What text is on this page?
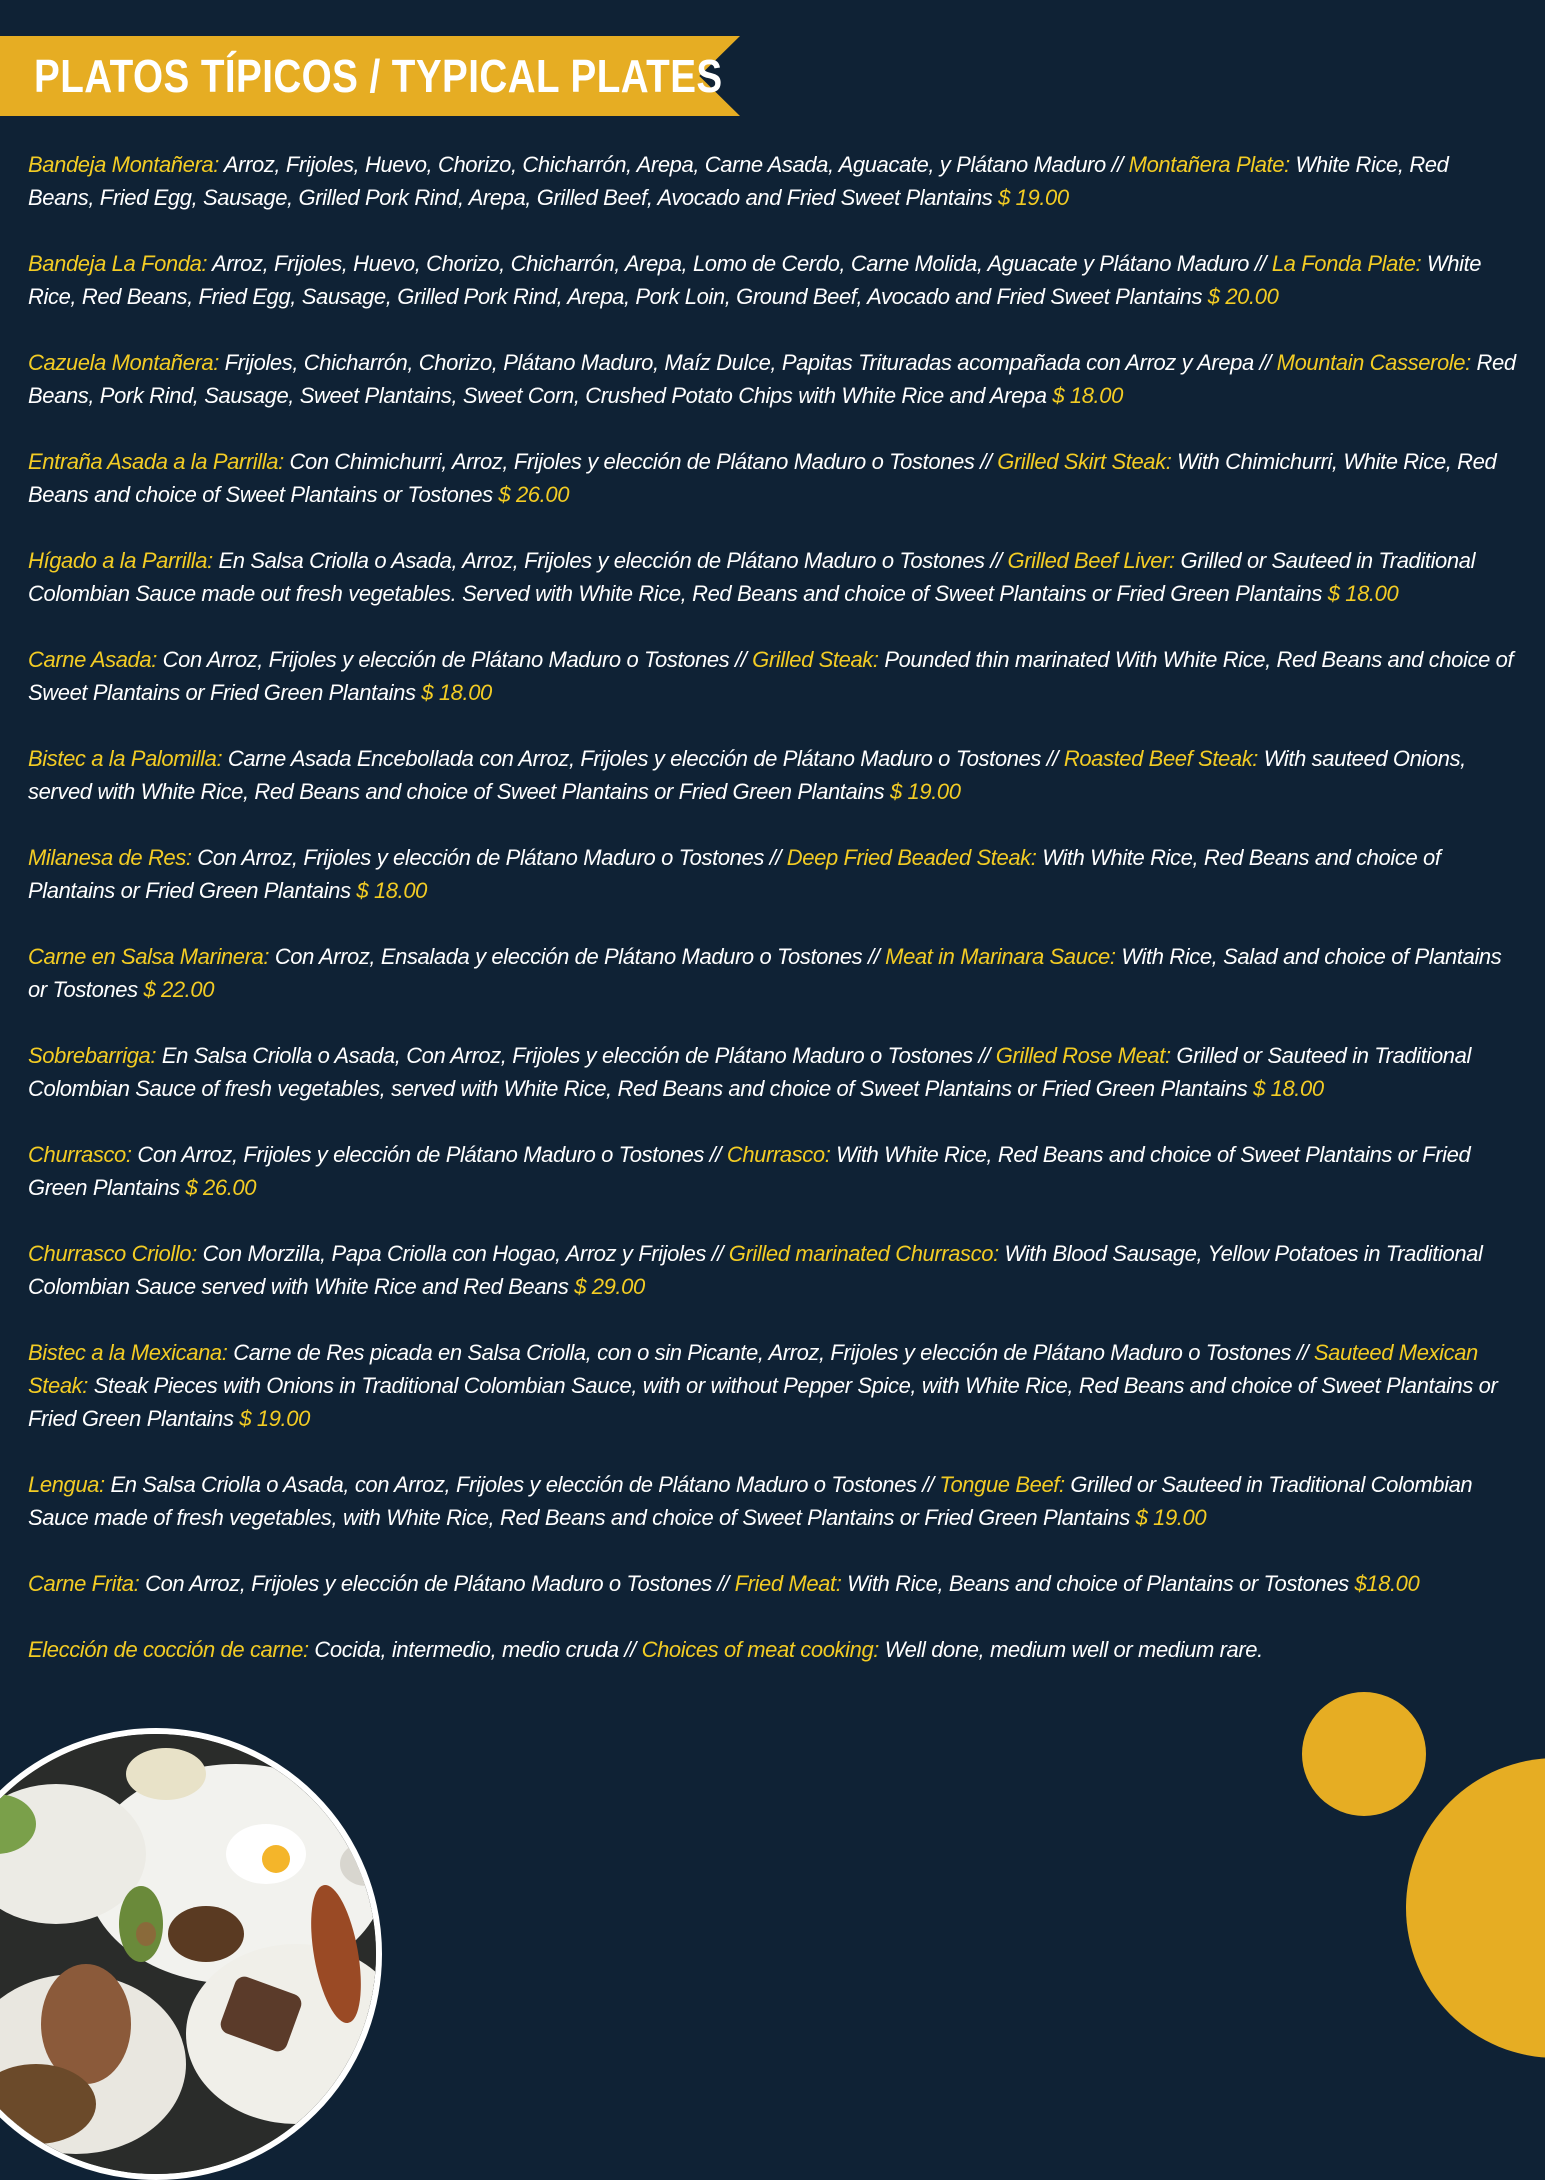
PLATOS TÍPICOS / TYPICAL PLATES

Bandeja Montañera: Arroz, Frijoles, Huevo, Chorizo, Chicharrón, Arepa, Carne Asada, Aguacate, y Plátano Maduro // Montañera Plate: White Rice, Red Beans, Fried Egg, Sausage, Grilled Pork Rind, Arepa, Grilled Beef, Avocado and Fried Sweet Plantains $ 19.00

Bandeja La Fonda: Arroz, Frijoles, Huevo, Chorizo, Chicharrón, Arepa, Lomo de Cerdo, Carne Molida, Aguacate y Plátano Maduro // La Fonda Plate: White Rice, Red Beans, Fried Egg, Sausage, Grilled Pork Rind, Arepa, Pork Loin, Ground Beef, Avocado and Fried Sweet Plantains $ 20.00

Cazuela Montañera: Frijoles, Chicharrón, Chorizo, Plátano Maduro, Maíz Dulce, Papitas Trituradas acompañada con Arroz y Arepa // Mountain Casserole: Red Beans, Pork Rind, Sausage, Sweet Plantains, Sweet Corn, Crushed Potato Chips with White Rice and Arepa $ 18.00

Entraña Asada a la Parrilla: Con Chimichurri, Arroz, Frijoles y elección de Plátano Maduro o Tostones // Grilled Skirt Steak: With Chimichurri, White Rice, Red Beans and choice of Sweet Plantains or Tostones $ 26.00

Hígado a la Parrilla: En Salsa Criolla o Asada, Arroz, Frijoles y elección de Plátano Maduro o Tostones // Grilled Beef Liver: Grilled or Sauteed in Traditional Colombian Sauce made out fresh vegetables. Served with White Rice, Red Beans and choice of Sweet Plantains or Fried Green Plantains $ 18.00

Carne Asada: Con Arroz, Frijoles y elección de Plátano Maduro o Tostones // Grilled Steak: Pounded thin marinated With White Rice, Red Beans and choice of Sweet Plantains or Fried Green Plantains $ 18.00

Bistec a la Palomilla: Carne Asada Encebollada con Arroz, Frijoles y elección de Plátano Maduro o Tostones // Roasted Beef Steak: With sauteed Onions, served with White Rice, Red Beans and choice of Sweet Plantains or Fried Green Plantains $ 19.00

Milanesa de Res: Con Arroz, Frijoles y elección de Plátano Maduro o Tostones // Deep Fried Beaded Steak: With White Rice, Red Beans and choice of Plantains or Fried Green Plantains $ 18.00

Carne en Salsa Marinera: Con Arroz, Ensalada y elección de Plátano Maduro o Tostones // Meat in Marinara Sauce: With Rice, Salad and choice of Plantains or Tostones $ 22.00

Sobrebarriga: En Salsa Criolla o Asada, Con Arroz, Frijoles y elección de Plátano Maduro o Tostones // Grilled Rose Meat: Grilled or Sauteed in Traditional Colombian Sauce of fresh vegetables, served with White Rice, Red Beans and choice of Sweet Plantains or Fried Green Plantains $ 18.00

Churrasco: Con Arroz, Frijoles y elección de Plátano Maduro o Tostones // Churrasco: With White Rice, Red Beans and choice of Sweet Plantains or Fried Green Plantains $ 26.00

Churrasco Criollo: Con Morzilla, Papa Criolla con Hogao, Arroz y Frijoles // Grilled marinated Churrasco: With Blood Sausage, Yellow Potatoes in Traditional Colombian Sauce served with White Rice and Red Beans $ 29.00

Bistec a la Mexicana: Carne de Res picada en Salsa Criolla, con o sin Picante, Arroz, Frijoles y elección de Plátano Maduro o Tostones // Sauteed Mexican Steak: Steak Pieces with Onions in Traditional Colombian Sauce, with or without Pepper Spice, with White Rice, Red Beans and choice of Sweet Plantains or Fried Green Plantains $ 19.00

Lengua: En Salsa Criolla o Asada, con Arroz, Frijoles y elección de Plátano Maduro o Tostones // Tongue Beef: Grilled or Sauteed in Traditional Colombian Sauce made of fresh vegetables, with White Rice, Red Beans and choice of Sweet Plantains or Fried Green Plantains $ 19.00

Carne Frita: Con Arroz, Frijoles y elección de Plátano Maduro o Tostones // Fried Meat: With Rice, Beans and choice of Plantains or Tostones $18.00

Elección de cocción de carne: Cocida, intermedio, medio cruda // Choices of meat cooking: Well done, medium well or medium rare.
